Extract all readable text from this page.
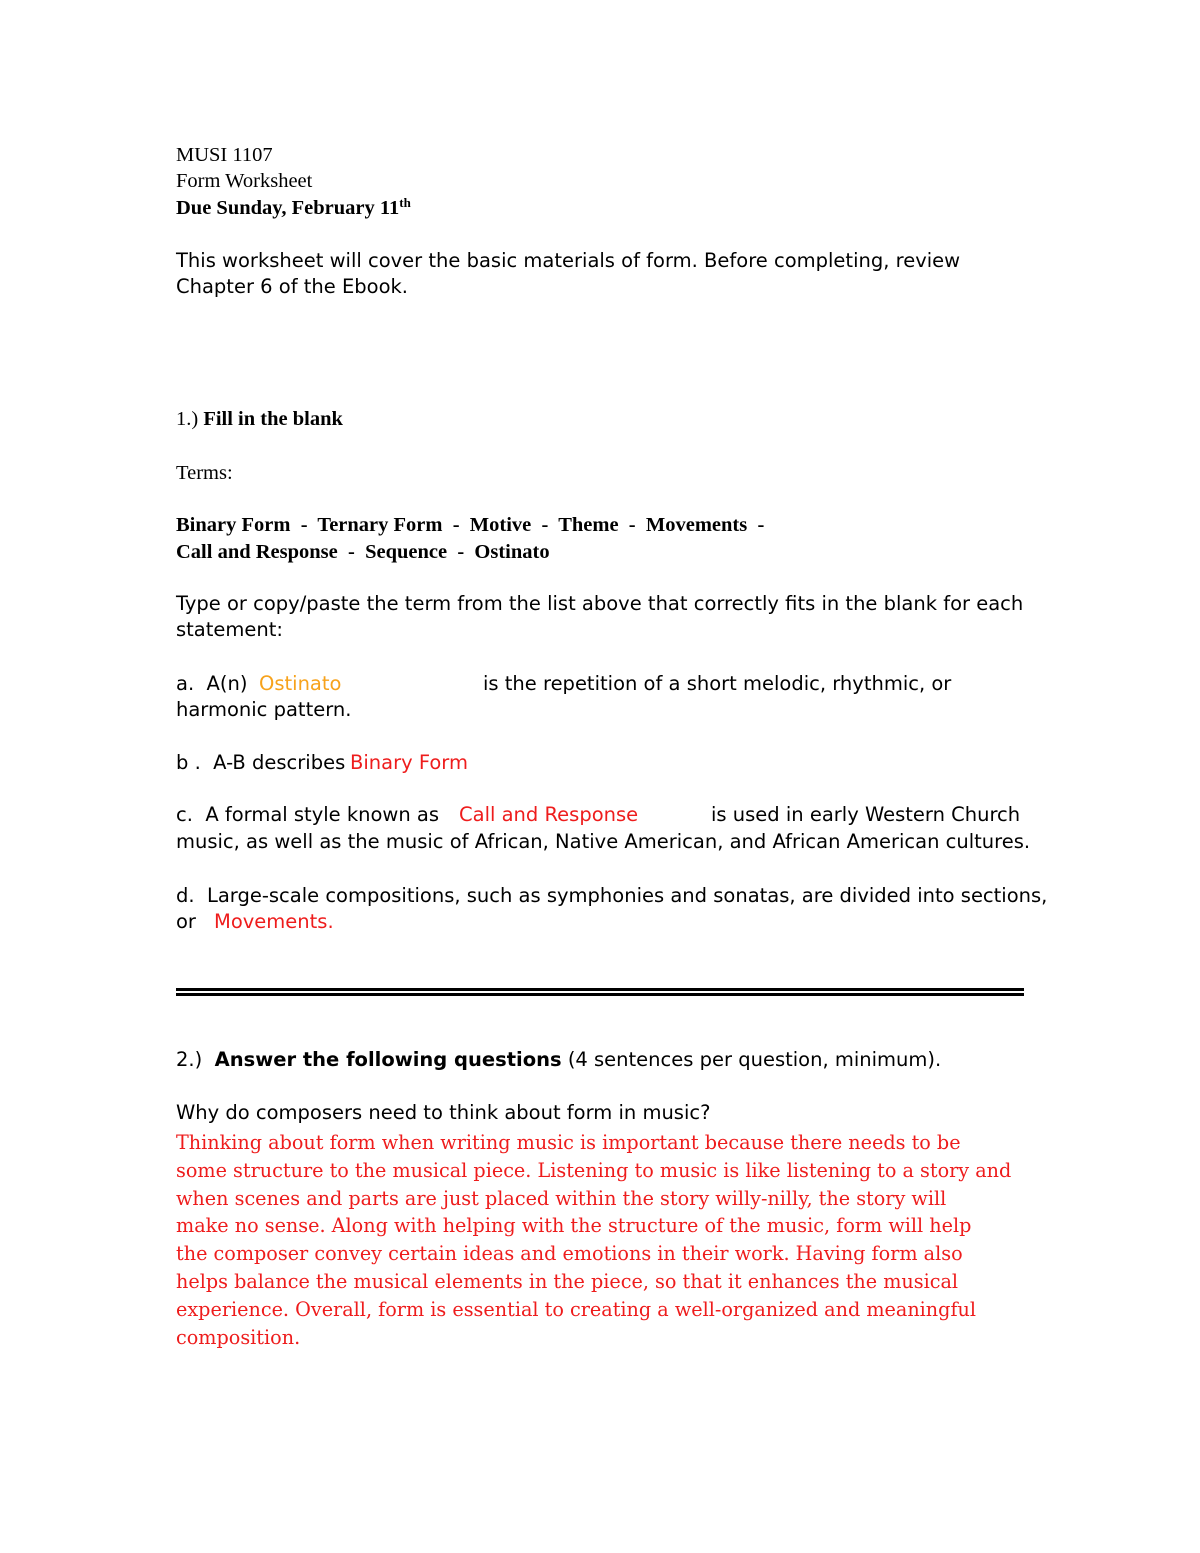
MUSI 1107
Form Worksheet
Due Sunday, February 11th
This worksheet will cover the basic materials of form. Before completing, review
Chapter 6 of the Ebook.
1.) Fill in the blank
Terms:
Binary Form  -  Ternary Form  -  Motive  -  Theme  -  Movements  -
Call and Response  -  Sequence  -  Ostinato
Type or copy/paste the term from the list above that correctly fits in the blank for each
statement:
a.  A(n) Ostinato	is the repetition of a short melodic, rhythmic, or
harmonic pattern.
b .  A-B describes Binary Form
c.  A formal style known as Call and Response	is used in early Western Church
music, as well as the music of African, Native American, and African American cultures.
d.  Large-scale compositions, such as symphonies and sonatas, are divided into sections,
or Movements.
2.) Answer the following questions (4 sentences per question, minimum).
Why do composers need to think about form in music?
Thinking about form when writing music is important because there needs to be
some structure to the musical piece. Listening to music is like listening to a story and
when scenes and parts are just placed within the story willy-nilly, the story will
make no sense. Along with helping with the structure of the music, form will help
the composer convey certain ideas and emotions in their work. Having form also
helps balance the musical elements in the piece, so that it enhances the musical
experience. Overall, form is essential to creating a well-organized and meaningful
composition.
